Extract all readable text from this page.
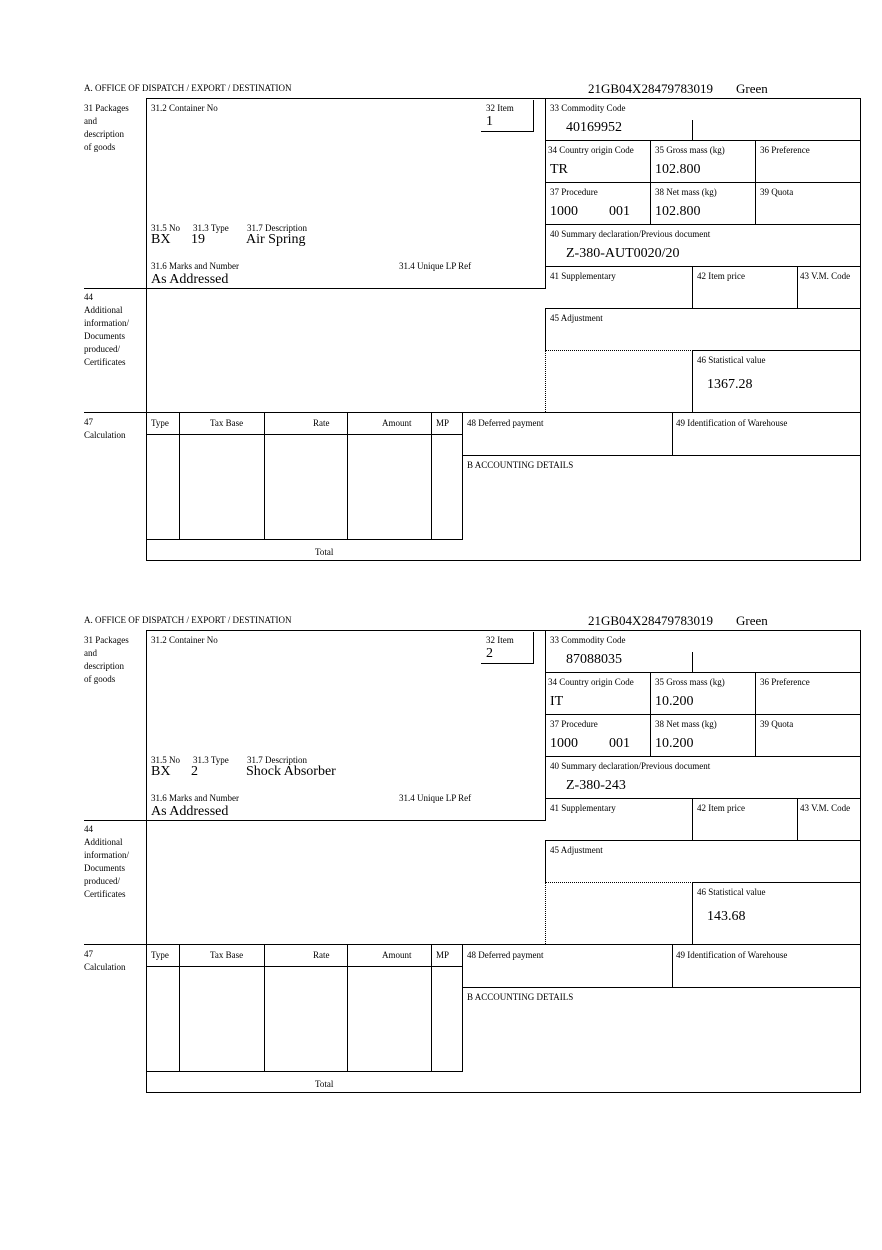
A. OFFICE OF DISPATCH / EXPORT / DESTINATION	21GB04X28479783019 Green
31 Packages
and
description
of goods
31.2 Container No	32 Item
1
33 Commodity Code
40169952
34 Country origin Code
TR
35 Gross mass (kg)
102.800
36 Preference
37 Procedure
1000 001
38 Net mass (kg)
102.800
39 Quota
40 Summary declaration/Previous document
Z-380-AUT0020/20
31.5 No 31.3 Type 31.7 Description
BX 19	Air Spring
31.6 Marks and Number
As Addressed
31.4 Unique LP Ref
41 Supplementary	42 Item price	43 V.M. Code
45 Adjustment
46 Statistical value
1367.28
44
Additional
information/
Documents
produced/
Certificates
47
Calculation
Type	Tax Base	Rate	Amount	MP
Total
48 Deferred payment	49 Identification of Warehouse
B ACCOUNTING DETAILS
A. OFFICE OF DISPATCH / EXPORT / DESTINATION	21GB04X28479783019 Green
31 Packages
and
description
of goods
31.2 Container No	32 Item
2
33 Commodity Code
87088035
34 Country origin Code
IT
35 Gross mass (kg)
10.200
36 Preference
37 Procedure
1000 001
38 Net mass (kg)
10.200
39 Quota
40 Summary declaration/Previous document
Z-380-243
31.5 No 31.3 Type 31.7 Description
BX 2	Shock Absorber
31.6 Marks and Number
As Addressed
31.4 Unique LP Ref
41 Supplementary	42 Item price	43 V.M. Code
45 Adjustment
46 Statistical value
143.68
44
Additional
information/
Documents
produced/
Certificates
47
Calculation
Type	Tax Base	Rate	Amount	MP
Total
48 Deferred payment	49 Identification of Warehouse
B ACCOUNTING DETAILS
